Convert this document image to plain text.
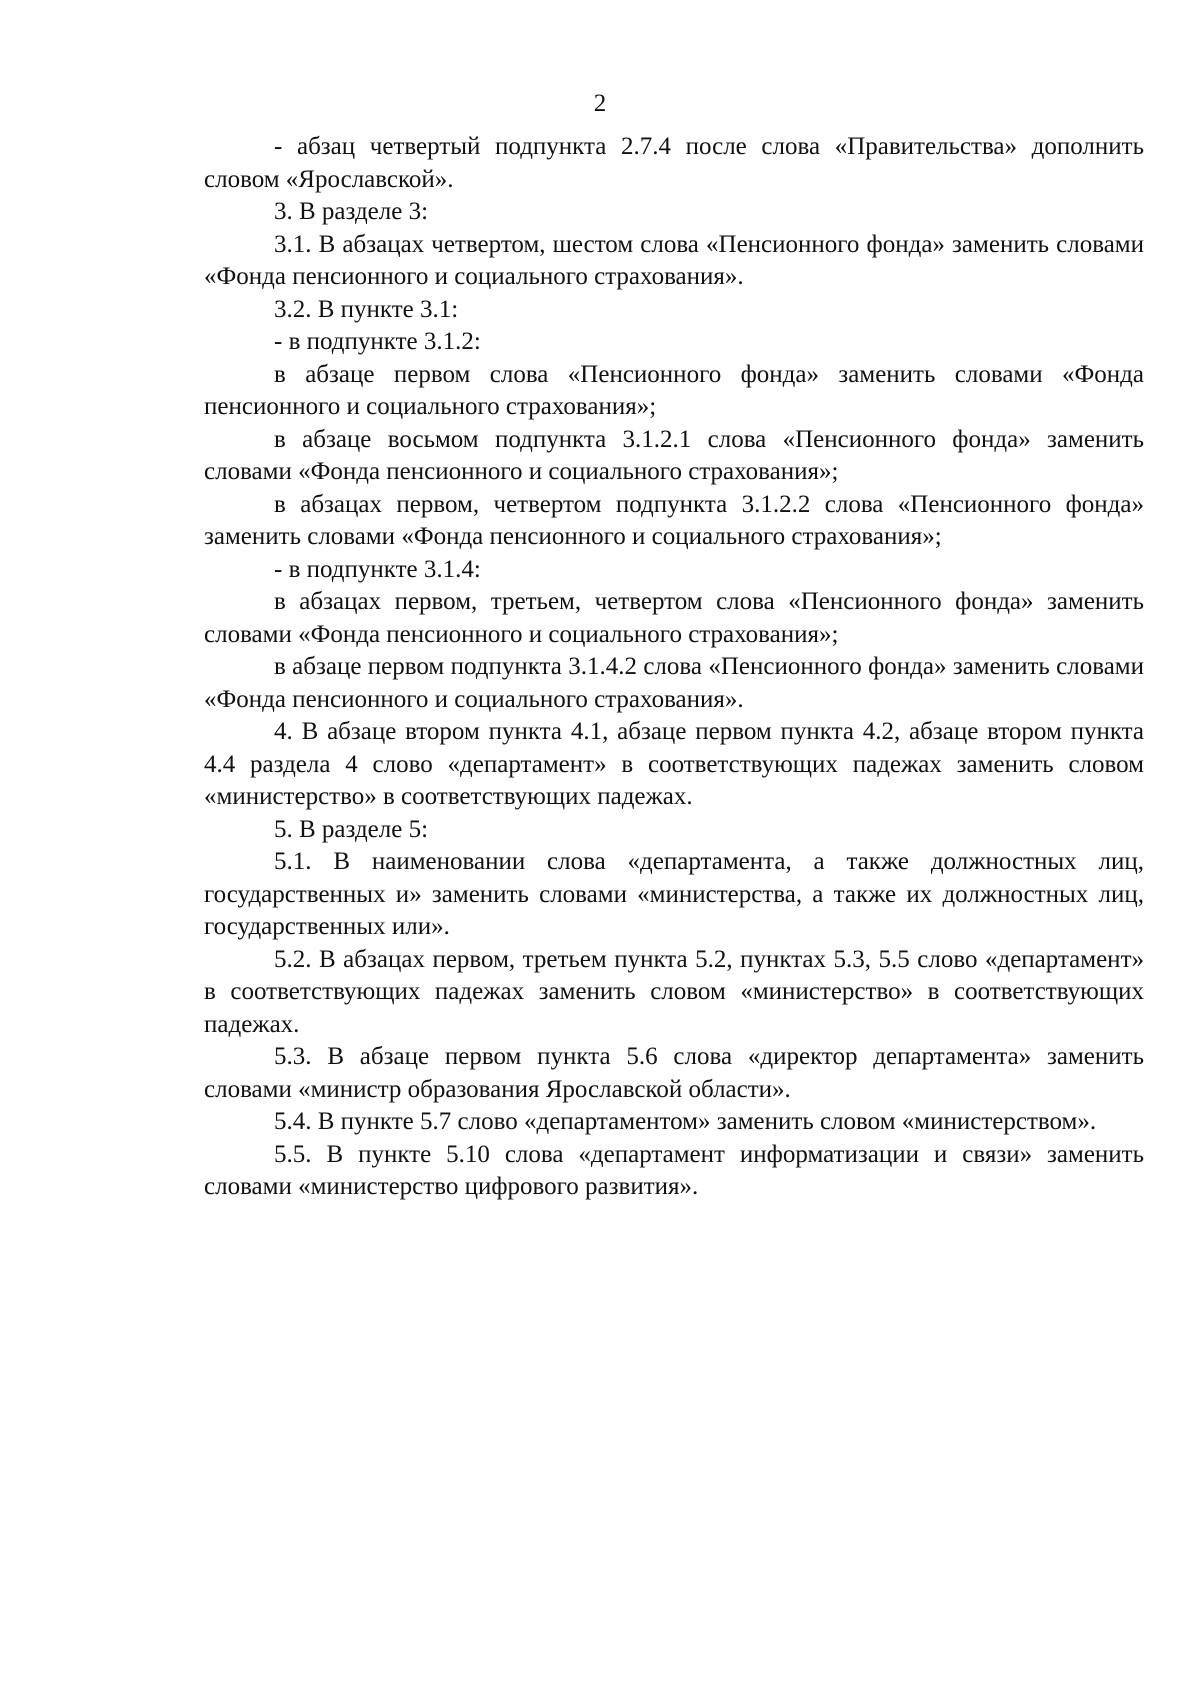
2

- абзац четвертый подпункта 2.7.4 после слова «Правительства» дополнить словом «Ярославской».

3. В разделе 3:

3.1. В абзацах четвертом, шестом слова «Пенсионного фонда» заменить словами «Фонда пенсионного и социального страхования».

3.2. В пункте 3.1:

- в подпункте 3.1.2:

в абзаце первом слова «Пенсионного фонда» заменить словами «Фонда пенсионного и социального страхования»;

в абзаце восьмом подпункта 3.1.2.1 слова «Пенсионного фонда» заменить словами «Фонда пенсионного и социального страхования»;

в абзацах первом, четвертом подпункта 3.1.2.2 слова «Пенсионного фонда» заменить словами «Фонда пенсионного и социального страхования»;

- в подпункте 3.1.4:

в абзацах первом, третьем, четвертом слова «Пенсионного фонда» заменить словами «Фонда пенсионного и социального страхования»;

в абзаце первом подпункта 3.1.4.2 слова «Пенсионного фонда» заменить словами «Фонда пенсионного и социального страхования».

4. В абзаце втором пункта 4.1, абзаце первом пункта 4.2, абзаце втором пункта 4.4 раздела 4 слово «департамент» в соответствующих падежах заменить словом «министерство» в соответствующих падежах.

5. В разделе 5:

5.1. В наименовании слова «департамента, а также должностных лиц, государственных и» заменить словами «министерства, а также их должностных лиц, государственных или».

5.2. В абзацах первом, третьем пункта 5.2, пунктах 5.3, 5.5 слово «департамент» в соответствующих падежах заменить словом «министерство» в соответствующих падежах.

5.3. В абзаце первом пункта 5.6 слова «директор департамента» заменить словами «министр образования Ярославской области».

5.4. В пункте 5.7 слово «департаментом» заменить словом «министерством».

5.5. В пункте 5.10 слова «департамент информатизации и связи» заменить словами «министерство цифрового развития».
